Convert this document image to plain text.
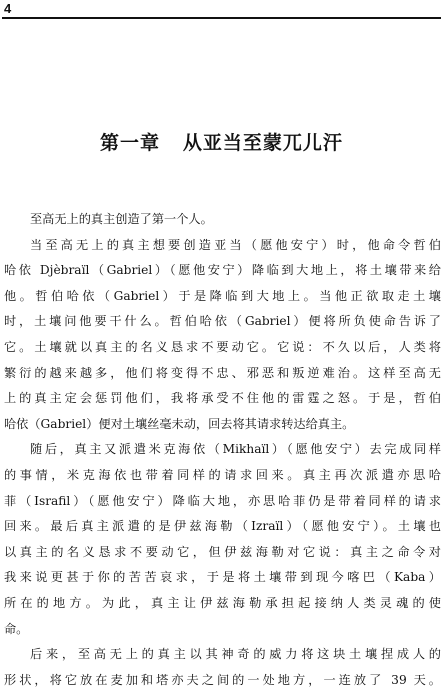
4
第一章 从亚当至蒙兀儿汗
至高无上的真主创造了第一个人。
当至高无上的真主想要创造亚当（愿他安宁）时，他命令哲伯
哈依 Djèbraïl（Gabriel）（愿他安宁）降临到大地上，将土壤带来给
他。哲伯哈依（Gabriel）于是降临到大地上。当他正欲取走土壤
时，土壤问他要干什么。哲伯哈依（Gabriel）便将所负使命告诉了
它。土壤就以真主的名义恳求不要动它。它说：不久以后，人类将
繁衍的越来越多，他们将变得不忠、邪恶和叛逆难治。这样至高无
上的真主定会惩罚他们，我将承受不住他的雷霆之怒。于是，哲伯
哈依（Gabriel）便对土壤丝毫未动，回去将其请求转达给真主。
随后，真主又派遣米克海依（Mikhaïl）（愿他安宁）去完成同样
的事情，米克海依也带着同样的请求回来。真主再次派遣亦思哈
菲（Israfil）（愿他安宁）降临大地，亦思哈菲仍是带着同样的请求
回来。最后真主派遣的是伊兹海勒（Izraïl）（愿他安宁）。土壤也
以真主的名义恳求不要动它，但伊兹海勒对它说：真主之命令对
我来说更甚于你的苦苦哀求，于是将土壤带到现今喀巴（Kaba）
所在的地方。为此，真主让伊兹海勒承担起接纳人类灵魂的使
命。
后来，至高无上的真主以其神奇的威力将这块土壤捏成人的
形状，将它放在麦加和塔亦夫之间的一处地方，一连放了 39 天。
